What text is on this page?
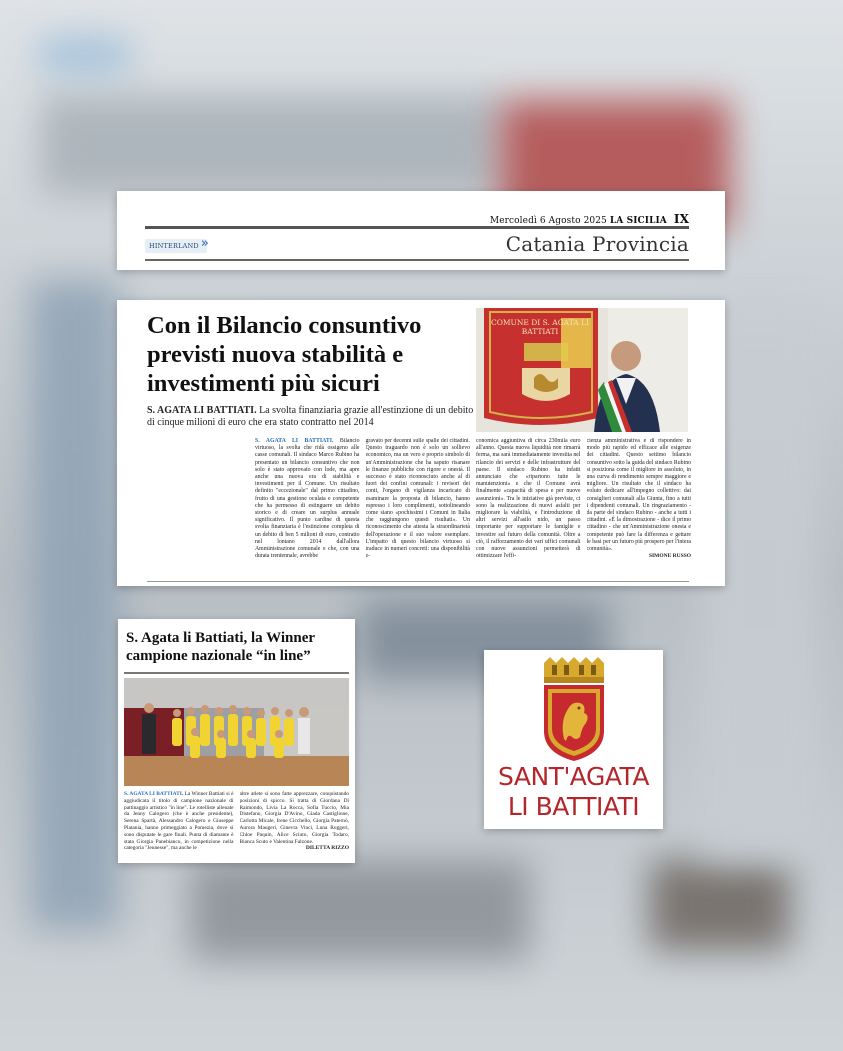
Mercoledì 6 Agosto 2025 LA SICILIA IX
HINTERLAND »	Catania Provincia
Con il Bilancio consuntivo previsti nuova stabilità e investimenti più sicuri
S. AGATA LI BATTIATI. La svolta finanziaria grazie all'estinzione di un debito di cinque milioni di euro che era stato contratto nel 2014
COMUNE DI S. AGATA LI BATTIATI
S. AGATA LI BATTIATI. Bilancio virtuoso, la svolta che ridà ossigeno alle casse comunali. Il sindaco Marco Rubino ha presentato un bilancio consuntivo che non solo è stato approvato con lode, ma apre anche una nuova era di stabilità e investimenti per il Comune. Un risultato definito "eccezionale" dal primo cittadino, frutto di una gestione oculata e competente che ha permesso di estinguere un debito storico e di creare un surplus annuale significativo. Il punto cardine di questa svolta finanziaria è l'estinzione completa di un debito di ben 5 milioni di euro, contratto nel lontano 2014 dall'allora Amministrazione comunale e che, con una durata trentennale, avrebbe
gravato per decenni sulle spalle dei cittadini. Questo traguardo non è solo un sollievo economico, ma un vero e proprio simbolo di un'Amministrazione che ha saputo risanare le finanze pubbliche con rigore e onestà. Il successo è stato riconosciuto anche al di fuori dei confini comunali: i revisori dei conti, l'organo di vigilanza incaricato di esaminare la proposta di bilancio, hanno espresso i loro complimenti, sottolineando come siano «pochissimi i Comuni in Italia che raggiungono questi risultati». Un riconoscimento che attesta la straordinarietà dell'operazione e il suo valore esemplare. L'impatto di questo bilancio virtuoso si traduce in numeri concreti: una disponibilità e-
conomica aggiuntiva di circa 230mila euro all'anno. Questa nuova liquidità non rimarrà ferma, ma sarà immediatamente investita nel rilancio dei servizi e delle infrastrutture del paese. Il sindaco Rubino ha infatti annunciato che «ripartono tutte le manutenzioni» e che il Comune avrà finalmente «capacità di spesa e per nuove assunzioni». Tra le iniziative già previste, ci sono la realizzazione di nuovi asfalti per migliorare la viabilità, e l'introduzione di altri servizi all'asilo nido, un passo importante per supportare le famiglie e investire sul futuro della comunità. Oltre a ciò, il rafforzamento dei vari uffici comunali con nuove assunzioni permetterà di ottimizzare l'effi-
cienza amministrativa e di rispondere in modo più rapido ed efficace alle esigenze dei cittadini. Questo settimo bilancio consuntivo sotto la guida del sindaco Rubino si posiziona come il migliore in assoluto, in una curva di rendimento sempre maggiore e migliore. Un risultato che il sindaco ha voluto dedicare all'impegno collettivo: dai consiglieri comunali alla Giunta, fino a tutti i dipendenti comunali. Un ringraziamento - da parte del sindaco Rubino - anche a tutti i cittadini. «È la dimostrazione - dice il primo cittadino - che un'Amministrazione onesta e competente può fare la differenza e gettare le basi per un futuro più prospero per l'intera comunità».
SIMONE RUSSO
S. Agata li Battiati, la Winner campione nazionale “in line”
S. AGATA LI BATTIATI. La Winner Battiati si è aggiudicata il titolo di campione nazionale di pattinaggio artistico "in line". Le rotelliste allenate da Jenny Calogero (che è anche presidente), Serena Spartà, Alessandro Calogero e Giuseppe Platania, hanno primeggiato a Pomezia, dove si sono disputate le gare finali. Punta di diamante è stata Giorgia Panebianco, in competizione nella categoria "Jeunesse", ma anche le
altre atlete si sono fatte apprezzare, conquistando posizioni di spicco. Si tratta di Giordana Di Raimondo, Livia La Rocca, Sofia Tuccio, Mia Distefano, Giorgia D'Avino, Giada Castiglione, Carlotta Micale, Irene Cicchello, Giorgia Paternò, Aurora Maugeri, Ginevra Vinci, Luna Ruggeri, Chloe Paquin, Alice Sciuto, Giorgia Todaro, Bianca Scuto e Valentina Falzone.
DILETTA RIZZO
SANT'AGATA
LI BATTIATI
